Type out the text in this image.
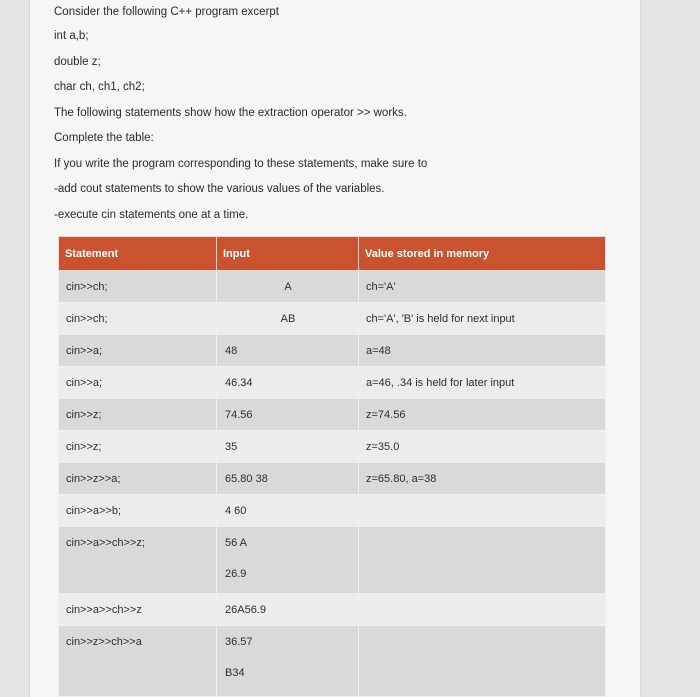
Consider the following C++ program excerpt
int a,b;
double z;
char ch, ch1, ch2;
The following statements show how the extraction operator >> works.
Complete the table:
If you write the program corresponding to these statements, make sure to
-add cout statements to show the various values of the variables.
-execute cin statements one at a time.
Statement	Input	Value stored in memory

cin>>ch;	A	ch='A'

cin>>ch;	AB	ch='A', 'B' is held for next input

cin>>a;	48	a=48

cin>>a;	46.34	a=46, .34 is held for later input

cin>>z;	74.56	z=74.56

cin>>z;	35	z=35.0

cin>>z>>a;	65.80 38	z=65.80, a=38

cin>>a>>b;	4 60	

cin>>a>>ch>>z;	56 A
26.9	

cin>>a>>ch>>z	26A56.9	

cin>>z>>ch>>a	36.57
B34	
